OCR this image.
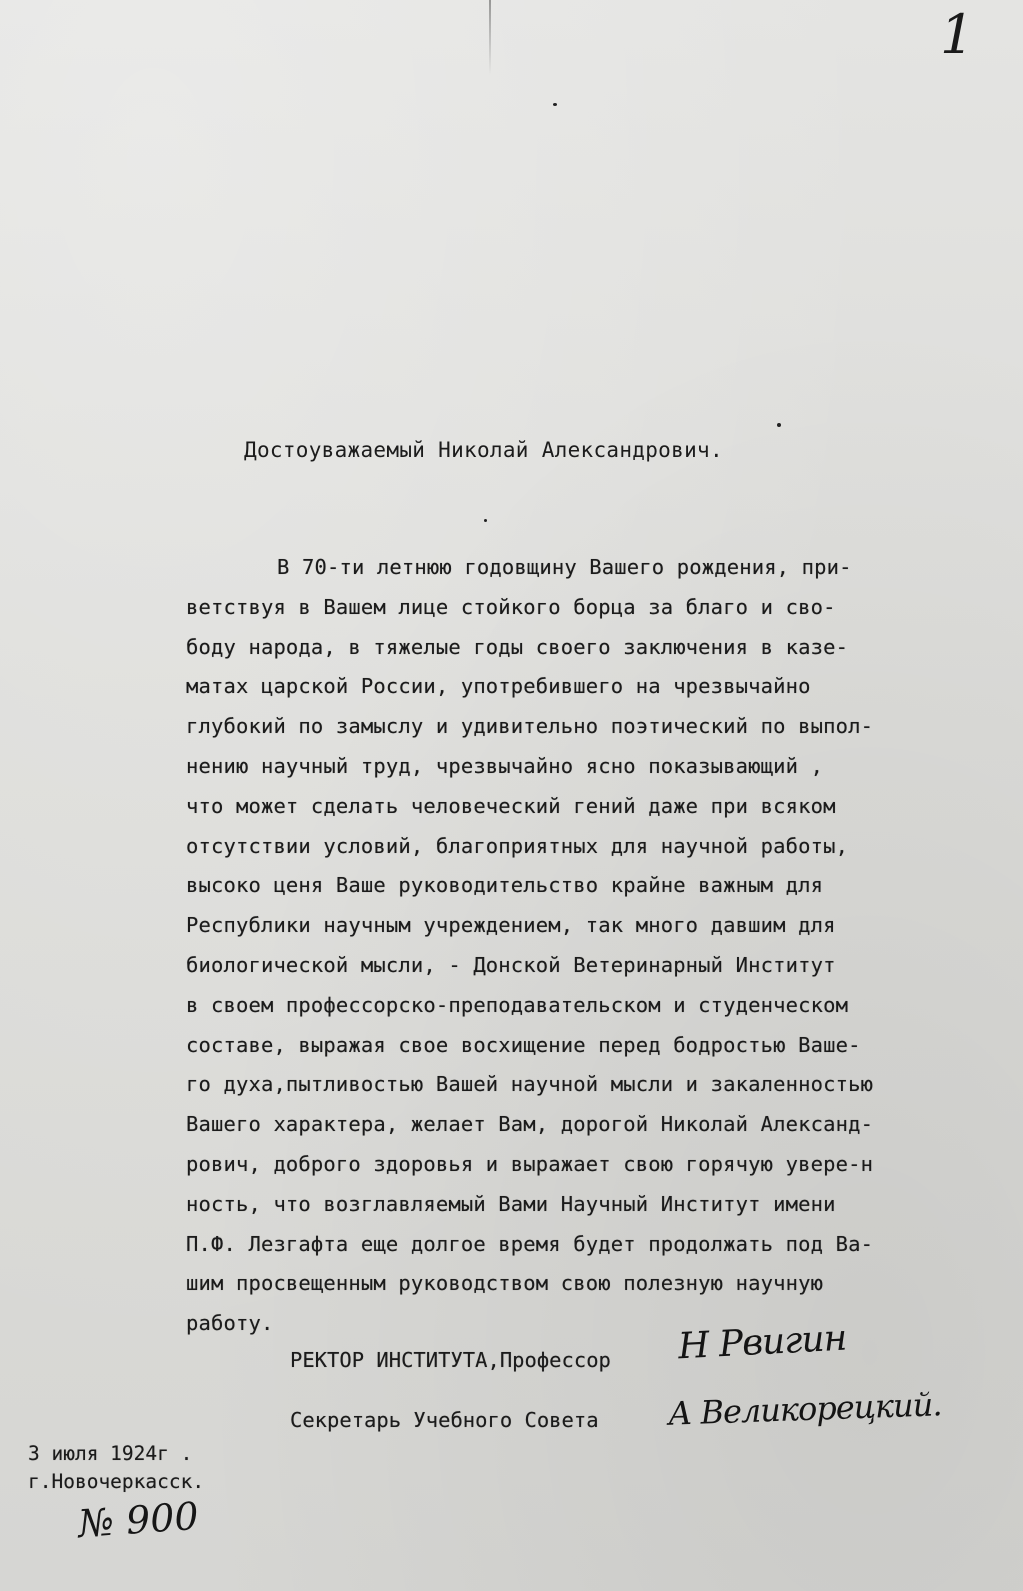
1
Достоуважаемый Николай Александрович.
В 70-ти летнюю годовщину Вашего рождения, при-
ветствуя в Вашем лице стойкого борца за благо и сво-
боду народа, в тяжелые годы своего заключения в казе-
матах царской России, употребившего на чрезвычайно
глубокий по замыслу и удивительно поэтический по выпол-
нению научный труд, чрезвычайно ясно показывающий ,
что может сделать человеческий гений даже при всяком
отсутствии условий, благоприятных для научной работы,
высоко ценя Ваше руководительство крайне важным для
Республики научным учреждением, так много давшим для
биологической мысли, - Донской Ветеринарный Институт
в своем профессорско-преподавательском и студенческом
составе, выражая свое восхищение перед бодростью Ваше-
го духа,пытливостью Вашей научной мысли и закаленностью
Вашего характера, желает Вам, дорогой Николай Александ-
рович, доброго здоровья и выражает свою горячую увере-н
ность, что возглавляемый Вами Научный Институт имени
П.Ф. Лезгафта еще долгое время будет продолжать под Ва-
шим просвещенным руководством свою полезную научную
работу.
РЕКТОР ИНСТИТУТА,Профессор Н Рвигин
Секретарь Учебного Совета А Великорецкий.
3 июля 1924г .
г.Новочеркасск.
№ 900
